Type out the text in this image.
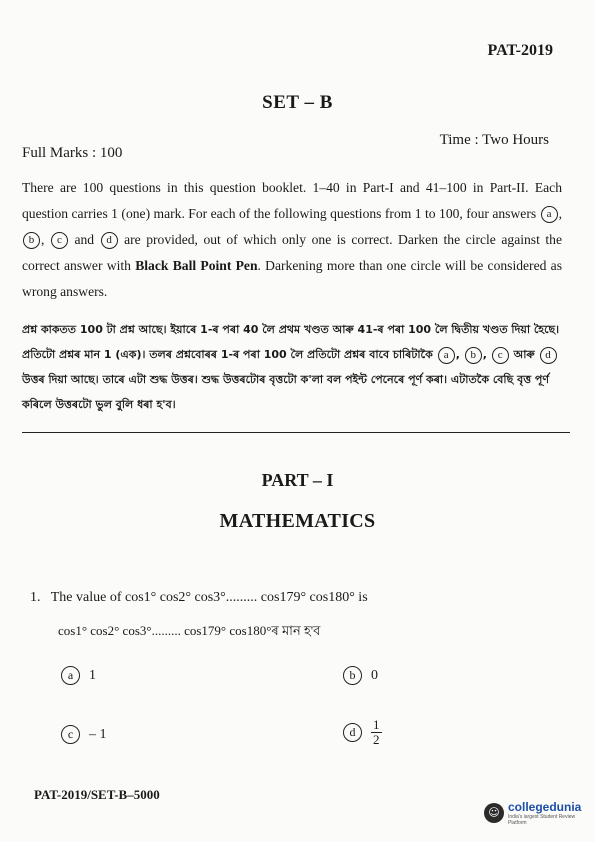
PAT-2019
SET – B
Full Marks : 100
Time : Two Hours
There are 100 questions in this question booklet. 1–40 in Part-I and 41–100 in Part-II. Each question carries 1 (one) mark. For each of the following questions from 1 to 100, four answers a , b , c and d are provided, out of which only one is correct. Darken the circle against the correct answer with Black Ball Point Pen. Darkening more than one circle will be considered as wrong answers.
প্ৰশ্ন কাকতত 100 টা প্ৰশ্ন আছে। ইয়াৰে 1-ৰ পৰা 40 লৈ প্ৰথম খণ্ডত আৰু 41-ৰ পৰা 100 লৈ দ্বিতীয় খণ্ডত দিয়া হৈছে। প্ৰতিটো প্ৰশ্নৰ মান 1 (এক)। তলৰ প্ৰশ্নবোৰৰ 1-ৰ পৰা 100 লৈ প্ৰতিটো প্ৰশ্নৰ বাবে চাৰিটাকৈ a , b , c আৰু d উত্তৰ দিয়া আছে। তাৰে এটা শুদ্ধ উত্তৰ। শুদ্ধ উত্তৰটোৰ বৃত্তটো ক'লা বল পইন্ট পেনেৰে পূৰ্ণ কৰা। এটাতকৈ বেছি বৃত্ত পূৰ্ণ কৰিলে উত্তৰটো ভুল বুলি ধৰা হ'ব।
PART – I
MATHEMATICS
1. The value of cos1° cos2° cos3°......... cos179° cos180° is
cos1° cos2° cos3°......... cos179° cos180°ৰ মান হ'ব
a	1	b	0
c	– 1	d	$\frac{1}{2}$
PAT-2019/SET-B–5000
☺ collegedunia
India's largest Student Review Platform
